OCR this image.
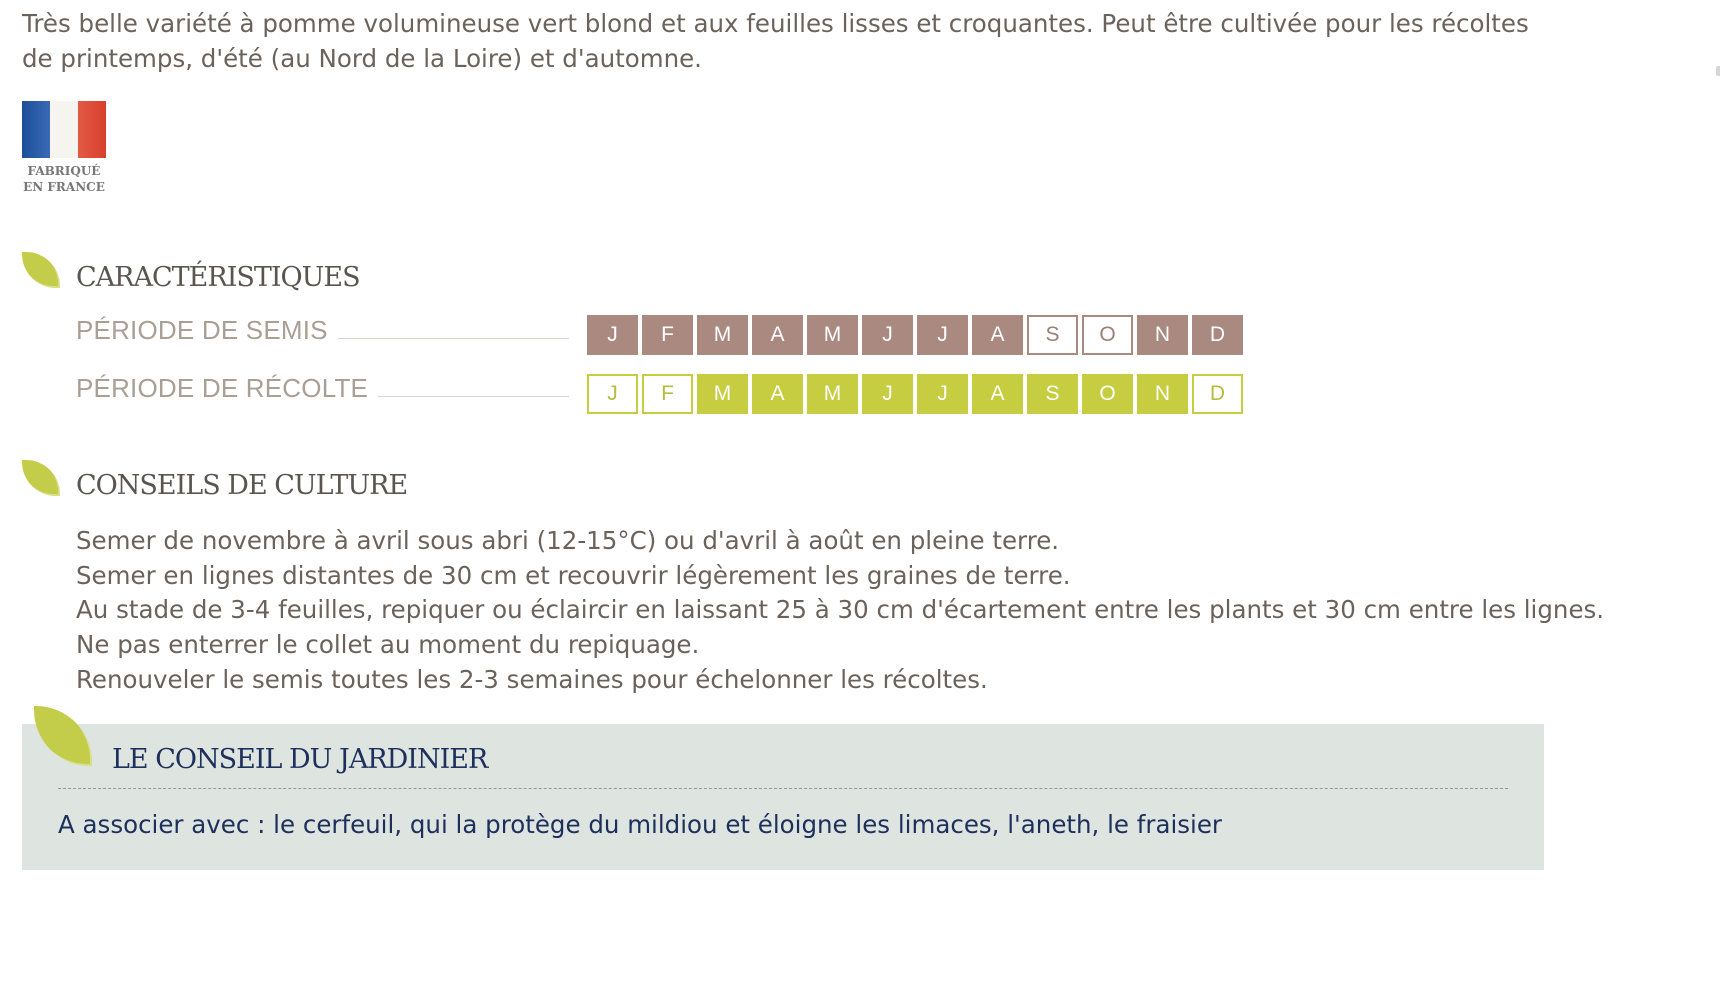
Très belle variété à pomme volumineuse vert blond et aux feuilles lisses et croquantes. Peut être cultivée pour les récoltes de printemps, d'été (au Nord de la Loire) et d'automne.

FABRIQUÉ
EN FRANCE
CARACTÉRISTIQUES
PÉRIODE DE SEMIS	J	F	M	A	M	J	J	A	S	O	N	D
PÉRIODE DE RÉCOLTE	J	F	M	A	M	J	J	A	S	O	N	D
CONSEILS DE CULTURE
Semer de novembre à avril sous abri (12-15°C) ou d'avril à août en pleine terre.
Semer en lignes distantes de 30 cm et recouvrir légèrement les graines de terre.
Au stade de 3-4 feuilles, repiquer ou éclaircir en laissant 25 à 30 cm d'écartement entre les plants et 30 cm entre les lignes.
Ne pas enterrer le collet au moment du repiquage.
Renouveler le semis toutes les 2-3 semaines pour échelonner les récoltes.
LE CONSEIL DU JARDINIER

A associer avec : le cerfeuil, qui la protège du mildiou et éloigne les limaces, l'aneth, le fraisier
